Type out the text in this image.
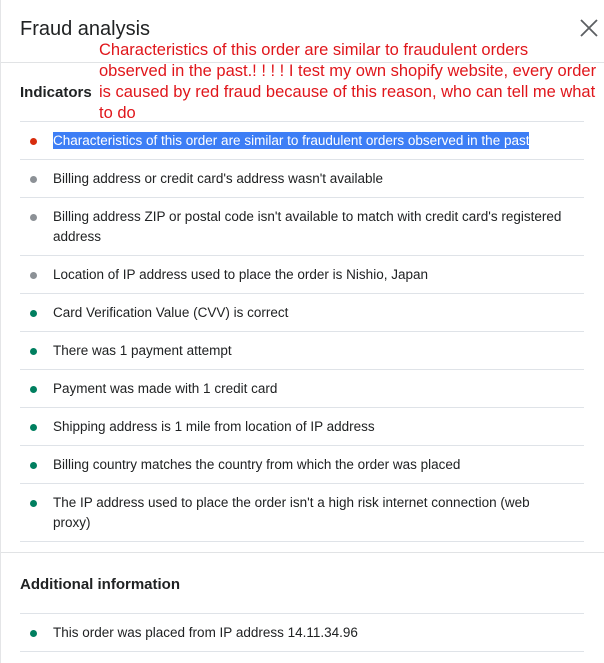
Fraud analysis
Characteristics of this order are similar to fraudulent orders observed in the past.! ! ! ! I test my own shopify website, every order is caused by red fraud because of this reason, who can tell me what to do
Indicators
Characteristics of this order are similar to fraudulent orders observed in the past
Billing address or credit card's address wasn't available
Billing address ZIP or postal code isn't available to match with credit card's registered address
Location of IP address used to place the order is Nishio, Japan
Card Verification Value (CVV) is correct
There was 1 payment attempt
Payment was made with 1 credit card
Shipping address is 1 mile from location of IP address
Billing country matches the country from which the order was placed
The IP address used to place the order isn't a high risk internet connection (web proxy)
Additional information
This order was placed from IP address 14.11.34.96
